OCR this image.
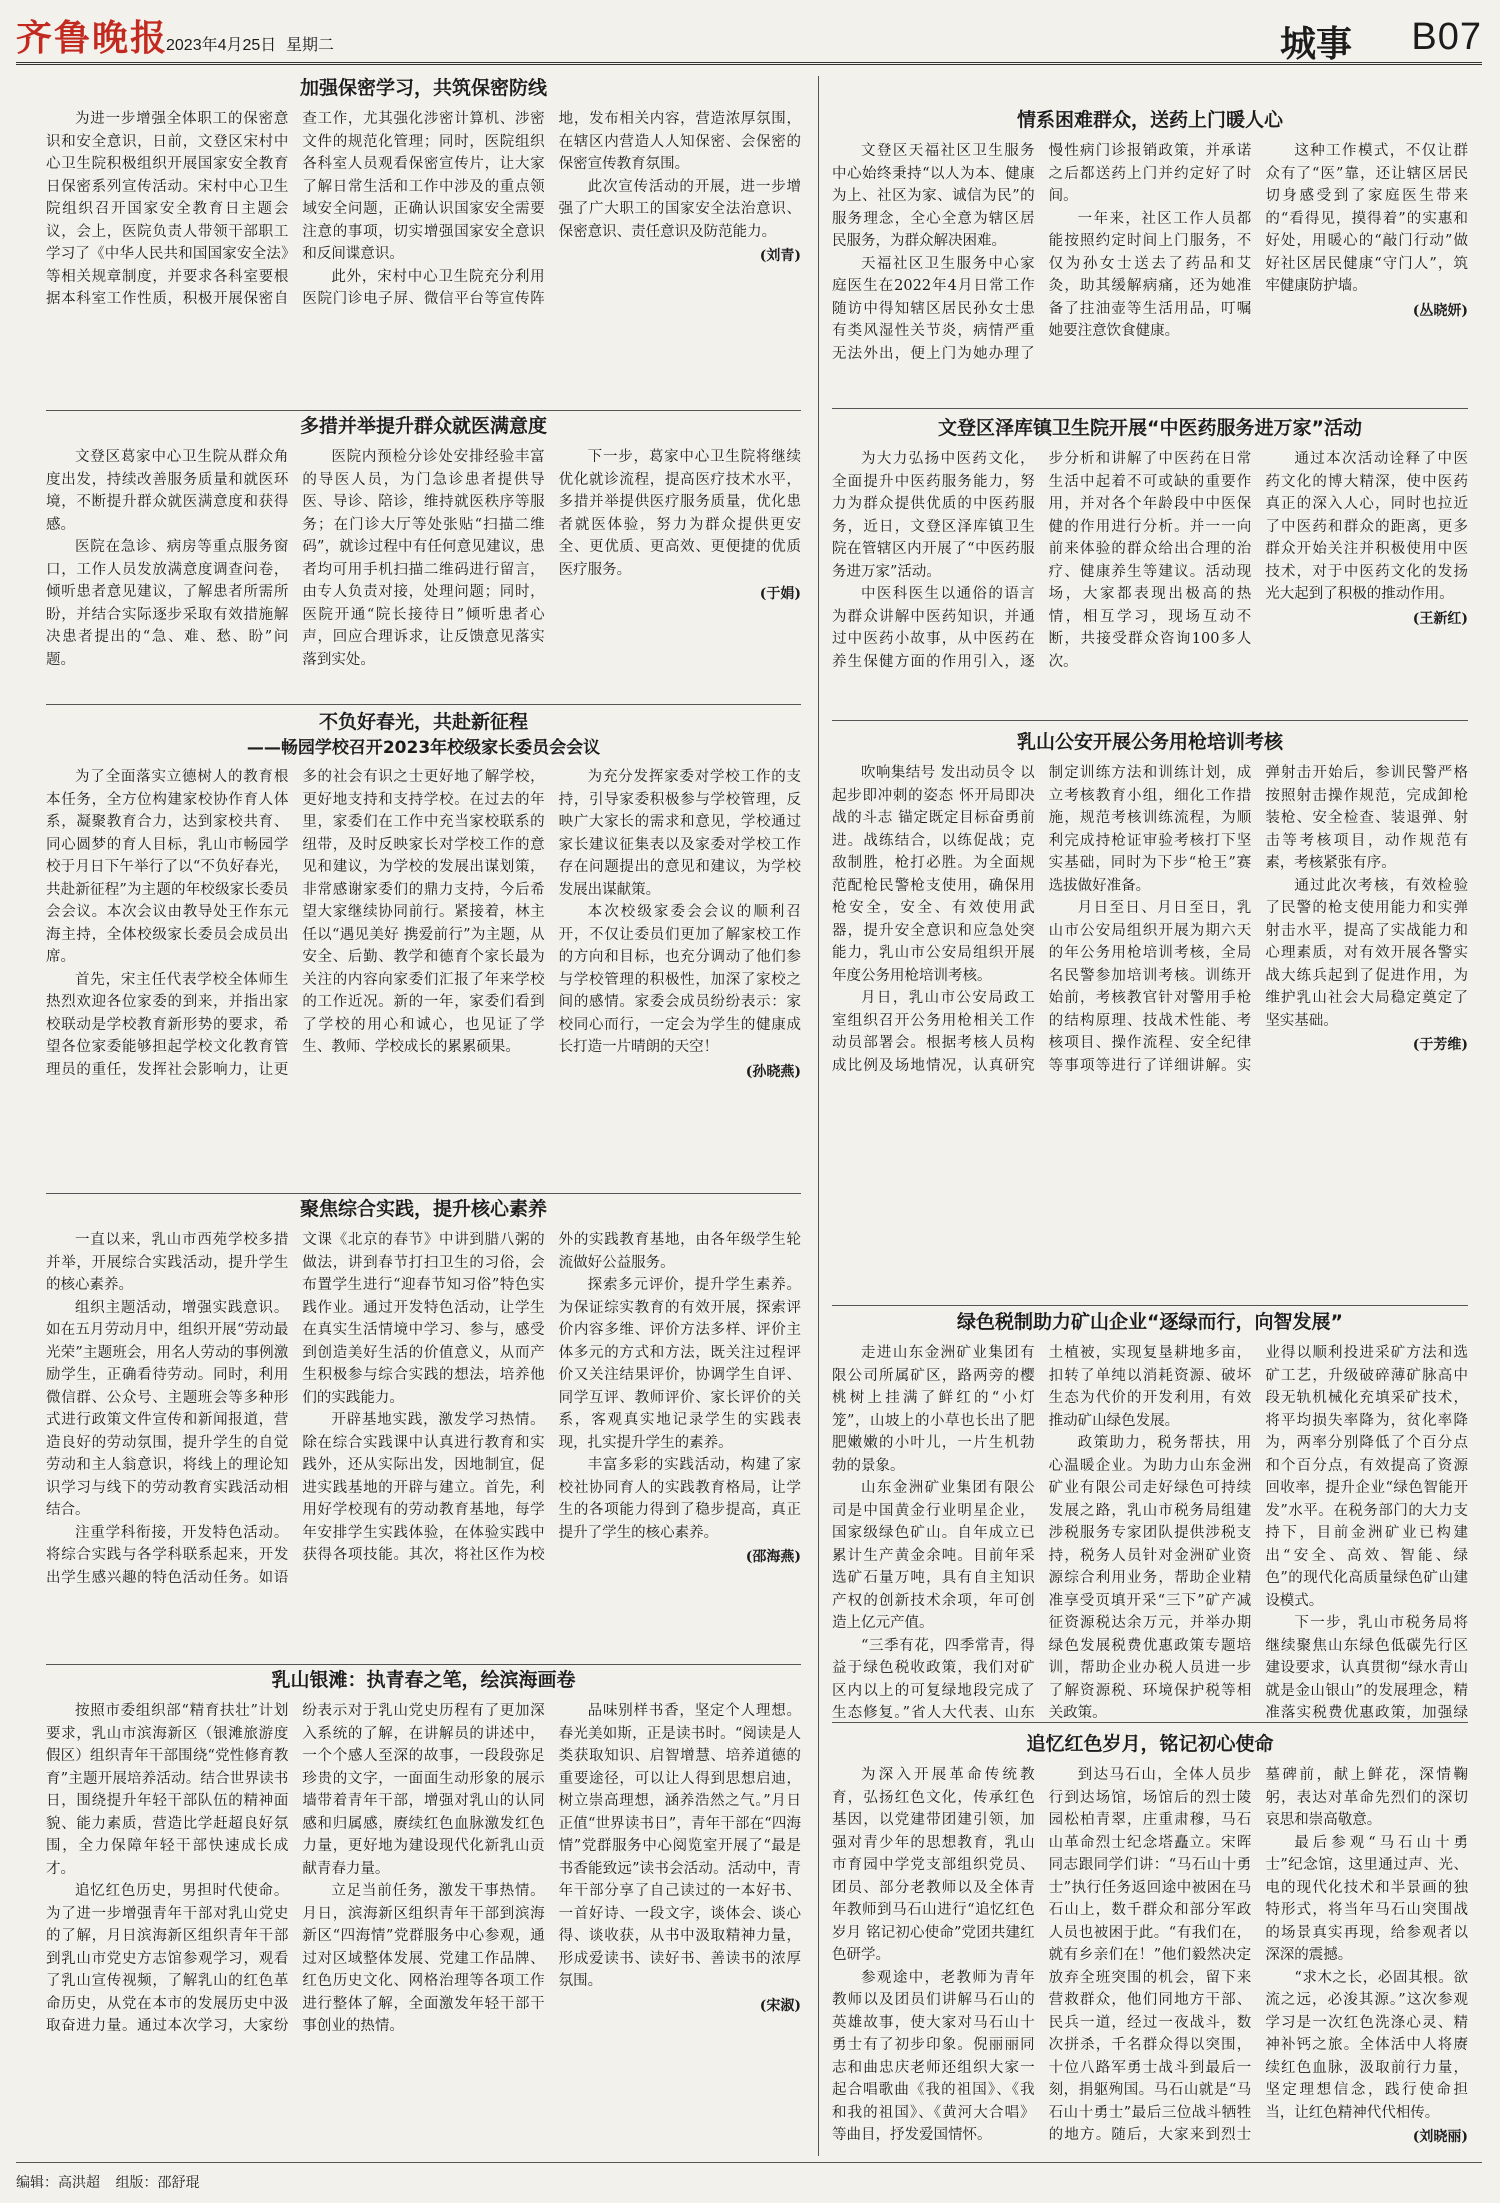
齐鲁晚报
2023年4月25日 星期二	城事 B07
加强保密学习，共筑保密防线

为进一步增强全体职工的保密意识和安全意识，日前，文登区宋村中心卫生院积极组织开展国家安全教育日保密系列宣传活动。宋村中心卫生院组织召开国家安全教育日主题会议，会上，医院负责人带领干部职工学习了《中华人民共和国国家安全法》等相关规章制度，并要求各科室要根据本科室工作性质，积极开展保密自查工作，尤其强化涉密计算机、涉密文件的规范化管理；同时，医院组织各科室人员观看保密宣传片，让大家了解日常生活和工作中涉及的重点领域安全问题，正确认识国家安全需要注意的事项，切实增强国家安全意识和反间谍意识。

此外，宋村中心卫生院充分利用医院门诊电子屏、微信平台等宣传阵地，发布相关内容，营造浓厚氛围，在辖区内营造人人知保密、会保密的保密宣传教育氛围。

此次宣传活动的开展，进一步增强了广大职工的国家安全法治意识、保密意识、责任意识及防范能力。

(刘青)
多措并举提升群众就医满意度

文登区葛家中心卫生院从群众角度出发，持续改善服务质量和就医环境，不断提升群众就医满意度和获得感。

医院在急诊、病房等重点服务窗口，工作人员发放满意度调查问卷，倾听患者意见建议，了解患者所需所盼，并结合实际逐步采取有效措施解决患者提出的“急、难、愁、盼”问题。

医院内预检分诊处安排经验丰富的导医人员，为门急诊患者提供导医、导诊、陪诊，维持就医秩序等服务；在门诊大厅等处张贴“扫描二维码”，就诊过程中有任何意见建议，患者均可用手机扫描二维码进行留言，由专人负责对接，处理问题；同时，医院开通“院长接待日”倾听患者心声，回应合理诉求，让反馈意见落实落到实处。

下一步，葛家中心卫生院将继续优化就诊流程，提高医疗技术水平，多措并举提供医疗服务质量，优化患者就医体验，努力为群众提供更安全、更优质、更高效、更便捷的优质医疗服务。

(于娟)
不负好春光，共赴新征程
——畅园学校召开2023年校级家长委员会会议

为了全面落实立德树人的教育根本任务，全方位构建家校协作育人体系，凝聚教育合力，达到家校共育、同心圆梦的育人目标，乳山市畅园学校于月日下午举行了以“不负好春光，共赴新征程”为主题的年校级家长委员会会议。本次会议由教导处王作东元海主持，全体校级家长委员会成员出席。

首先，宋主任代表学校全体师生热烈欢迎各位家委的到来，并指出家校联动是学校教育新形势的要求，希望各位家委能够担起学校文化教育管理员的重任，发挥社会影响力，让更多的社会有识之士更好地了解学校，更好地支持和支持学校。在过去的年里，家委们在工作中充当家校联系的纽带，及时反映家长对学校工作的意见和建议，为学校的发展出谋划策，非常感谢家委们的鼎力支持，今后希望大家继续协同前行。紧接着，林主任以“遇见美好 携爱前行”为主题，从安全、后勤、教学和德育个家长最为关注的内容向家委们汇报了年来学校的工作近况。新的一年，家委们看到了学校的用心和诚心，也见证了学生、教师、学校成长的累累硕果。

为充分发挥家委对学校工作的支持，引导家委积极参与学校管理，反映广大家长的需求和意见，学校通过家长建议征集表以及家委对学校工作存在问题提出的意见和建议，为学校发展出谋献策。

本次校级家委会会议的顺利召开，不仅让委员们更加了解家校工作的方向和目标，也充分调动了他们参与学校管理的积极性，加深了家校之间的感情。家委会成员纷纷表示：家校同心而行，一定会为学生的健康成长打造一片晴朗的天空！

(孙晓燕)
聚焦综合实践，提升核心素养

一直以来，乳山市西苑学校多措并举，开展综合实践活动，提升学生的核心素养。

组织主题活动，增强实践意识。如在五月劳动月中，组织开展“劳动最光荣”主题班会，用名人劳动的事例激励学生，正确看待劳动。同时，利用微信群、公众号、主题班会等多种形式进行政策文件宣传和新闻报道，营造良好的劳动氛围，提升学生的自觉劳动和主人翁意识，将线上的理论知识学习与线下的劳动教育实践活动相结合。

注重学科衔接，开发特色活动。将综合实践与各学科联系起来，开发出学生感兴趣的特色活动任务。如语文课《北京的春节》中讲到腊八粥的做法，讲到春节打扫卫生的习俗，会布置学生进行“迎春节知习俗”特色实践作业。通过开发特色活动，让学生在真实生活情境中学习、参与，感受到创造美好生活的价值意义，从而产生积极参与综合实践的想法，培养他们的实践能力。

开辟基地实践，激发学习热情。除在综合实践课中认真进行教育和实践外，还从实际出发，因地制宜，促进实践基地的开辟与建立。首先，利用好学校现有的劳动教育基地，每学年安排学生实践体验，在体验实践中获得各项技能。其次，将社区作为校外的实践教育基地，由各年级学生轮流做好公益服务。

探索多元评价，提升学生素养。为保证综实教育的有效开展，探索评价内容多维、评价方法多样、评价主体多元的方式和方法，既关注过程评价又关注结果评价，协调学生自评、同学互评、教师评价、家长评价的关系，客观真实地记录学生的实践表现，扎实提升学生的素养。

丰富多彩的实践活动，构建了家校社协同育人的实践教育格局，让学生的各项能力得到了稳步提高，真正提升了学生的核心素养。

(邵海燕)
乳山银滩：执青春之笔，绘滨海画卷

按照市委组织部“精育扶壮”计划要求，乳山市滨海新区（银滩旅游度假区）组织青年干部围绕“党性修育教育”主题开展培养活动。结合世界读书日，围绕提升年轻干部队伍的精神面貌、能力素质，营造比学赶超良好氛围，全力保障年轻干部快速成长成才。

追忆红色历史，男担时代使命。为了进一步增强青年干部对乳山党史的了解，月日滨海新区组织青年干部到乳山市党史方志馆参观学习，观看了乳山宣传视频，了解乳山的红色革命历史，从党在本市的发展历史中汲取奋进力量。通过本次学习，大家纷纷表示对于乳山党史历程有了更加深入系统的了解，在讲解员的讲述中，一个个感人至深的故事，一段段弥足珍贵的文字，一面面生动形象的展示墙带着青年干部，增强对乳山的认同感和归属感，赓续红色血脉激发红色力量，更好地为建设现代化新乳山贡献青春力量。

立足当前任务，激发干事热情。月日，滨海新区组织青年干部到滨海新区“四海情”党群服务中心参观，通过对区域整体发展、党建工作品牌、红色历史文化、网格治理等各项工作进行整体了解，全面激发年轻干部干事创业的热情。

品味别样书香，坚定个人理想。春光美如斯，正是读书时。“阅读是人类获取知识、启智增慧、培养道德的重要途径，可以让人得到思想启迪，树立崇高理想，涵养浩然之气。”月日正值“世界读书日”，青年干部在“四海情”党群服务中心阅览室开展了“最是书香能致远”读书会活动。活动中，青年干部分享了自己读过的一本好书、一首好诗、一段文字，谈体会、谈心得、谈收获，从书中汲取精神力量，形成爱读书、读好书、善读书的浓厚氛围。

(宋淑)
情系困难群众，送药上门暖人心

文登区天福社区卫生服务中心始终秉持“以人为本、健康为上、社区为家、诚信为民”的服务理念，全心全意为辖区居民服务，为群众解决困难。

天福社区卫生服务中心家庭医生在2022年4月日常工作随访中得知辖区居民孙女士患有类风湿性关节炎，病情严重无法外出，便上门为她办理了慢性病门诊报销政策，并承诺之后都送药上门并约定好了时间。

一年来，社区工作人员都能按照约定时间上门服务，不仅为孙女士送去了药品和艾灸，助其缓解病痛，还为她准备了拄油壶等生活用品，叮嘱她要注意饮食健康。

这种工作模式，不仅让群众有了“医”靠，还让辖区居民切身感受到了家庭医生带来的“看得见，摸得着”的实惠和好处，用暖心的“敲门行动”做好社区居民健康“守门人”，筑牢健康防护墙。

(丛晓妍)
文登区泽库镇卫生院开展“中医药服务进万家”活动

为大力弘扬中医药文化，全面提升中医药服务能力，努力为群众提供优质的中医药服务，近日，文登区泽库镇卫生院在管辖区内开展了“中医药服务进万家”活动。

中医科医生以通俗的语言为群众讲解中医药知识，并通过中医药小故事，从中医药在养生保健方面的作用引入，逐步分析和讲解了中医药在日常生活中起着不可或缺的重要作用，并对各个年龄段中中医保健的作用进行分析。并一一向前来体验的群众给出合理的治疗、健康养生等建议。活动现场，大家都表现出极高的热情，相互学习，现场互动不断，共接受群众咨询100多人次。

通过本次活动诠释了中医药文化的博大精深，使中医药真正的深入人心，同时也拉近了中医药和群众的距离，更多群众开始关注并积极使用中医技术，对于中医药文化的发扬光大起到了积极的推动作用。

(王新红)
乳山公安开展公务用枪培训考核

吹响集结号 发出动员令 以起步即冲刺的姿态 怀开局即决战的斗志 锚定既定目标奋勇前进。战练结合，以练促战；克敌制胜，枪打必胜。为全面规范配枪民警枪支使用，确保用枪安全，安全、有效使用武器，提升安全意识和应急处突能力，乳山市公安局组织开展年度公务用枪培训考核。

月日，乳山市公安局政工室组织召开公务用枪相关工作动员部署会。根据考核人员构成比例及场地情况，认真研究制定训练方法和训练计划，成立考核教育小组，细化工作措施，规范考核训练流程，为顺利完成持枪证审验考核打下坚实基础，同时为下步“枪王”赛选拔做好准备。

月日至日、月日至日，乳山市公安局组织开展为期六天的年公务用枪培训考核，全局名民警参加培训考核。训练开始前，考核教官针对警用手枪的结构原理、技战术性能、考核项目、操作流程、安全纪律等事项等进行了详细讲解。实弹射击开始后，参训民警严格按照射击操作规范，完成卸枪装枪、安全检查、装退弹、射击等考核项目，动作规范有素，考核紧张有序。

通过此次考核，有效检验了民警的枪支使用能力和实弹射击水平，提高了实战能力和心理素质，对有效开展各警实战大练兵起到了促进作用，为维护乳山社会大局稳定奠定了坚实基础。

(于芳维)
绿色税制助力矿山企业“逐绿而行，向智发展”

走进山东金洲矿业集团有限公司所属矿区，路两旁的樱桃树上挂满了鲜红的“小灯笼”，山坡上的小草也长出了肥肥嫩嫩的小叶儿，一片生机勃勃的景象。

山东金洲矿业集团有限公司是中国黄金行业明星企业，国家级绿色矿山。自年成立已累计生产黄金余吨。目前年采选矿石量万吨，具有自主知识产权的创新技术余项，年可创造上亿元产值。

“三季有花，四季常青，得益于绿色税收政策，我们对矿区内以上的可复绿地段完成了生态修复。”省人大代表、山东 土植被，实现复垦耕地多亩，扣转了单纯以消耗资源、破坏生态为代价的开发利用，有效推动矿山绿色发展。

政策助力，税务帮扶，用心温暖企业。为助力山东金洲矿业有限公司走好绿色可持续发展之路，乳山市税务局组建涉税服务专家团队提供涉税支持，税务人员针对金洲矿业资源综合利用业务，帮助企业精准享受页填开采“三下”矿产减征资源税达余万元，并举办期绿色发展税费优惠政策专题培训，帮助企业办税人员进一步了解资源税、环境保护税等相关政策。

业得以顺利投进采矿方法和选矿工艺，升级破碎薄矿脉高中段无轨机械化充填采矿技术，将平均损失率降为，贫化率降为，两率分别降低了个百分点和个百分点，有效提高了资源回收率，提升企业“绿色智能开发”水平。在税务部门的大力支持下，目前金洲矿业已构建出“安全、高效、智能、绿色”的现代化高质量绿色矿山建设模式。

下一步，乳山市税务局将继续聚焦山东绿色低碳先行区建设要求，认真贯彻“绿水青山就是金山银山”的发展理念，精准落实税费优惠政策，加强绿

追忆红色岁月，铭记初心使命

为深入开展革命传统教育，弘扬红色文化，传承红色基因，以党建带团建引领，加强对青少年的思想教育，乳山市育园中学党支部组织党员、团员、部分老教师以及全体青年教师到马石山进行“追忆红色岁月 铭记初心使命”党团共建红色研学。

参观途中，老教师为青年教师以及团员们讲解马石山的英雄故事，使大家对马石山十勇士有了初步印象。倪丽丽同志和曲忠庆老师还组织大家一起合唱歌曲《我的祖国》、《我和我的祖国》、《黄河大合唱》等曲目，抒发爱国情怀。

到达马石山，全体人员步行到达场馆，场馆后的烈士陵园松柏青翠，庄重肃穆，马石山革命烈士纪念塔矗立。宋晖同志跟同学们讲：“马石山十勇士”执行任务返回途中被困在马石山上，数千群众和部分军政人员也被困于此。“有我们在，就有乡亲们在！”他们毅然决定放弃全班突围的机会，留下来营救群众，他们同地方干部、民兵一道，经过一夜战斗，数次拼杀，千名群众得以突围，十位八路军勇士战斗到最后一刻，捐躯殉国。马石山就是“马石山十勇士”最后三位战斗牺牲的地方。随后，大家来到烈士墓碑前，献上鲜花，深情鞠躬，表达对革命先烈们的深切哀思和崇高敬意。

最后参观“马石山十勇士”纪念馆，这里通过声、光、电的现代化技术和半景画的独特形式，将当年马石山突围战的场景真实再现，给参观者以深深的震撼。

“求木之长，必固其根。欲流之远，必浚其源。”这次参观学习是一次红色洗涤心灵、精神补钙之旅。全体活中人将赓续红色血脉，汲取前行力量，坚定理想信念，践行使命担当，让红色精神代代相传。

(刘晓丽)
编辑：高洪超 组版：邵舒琨
